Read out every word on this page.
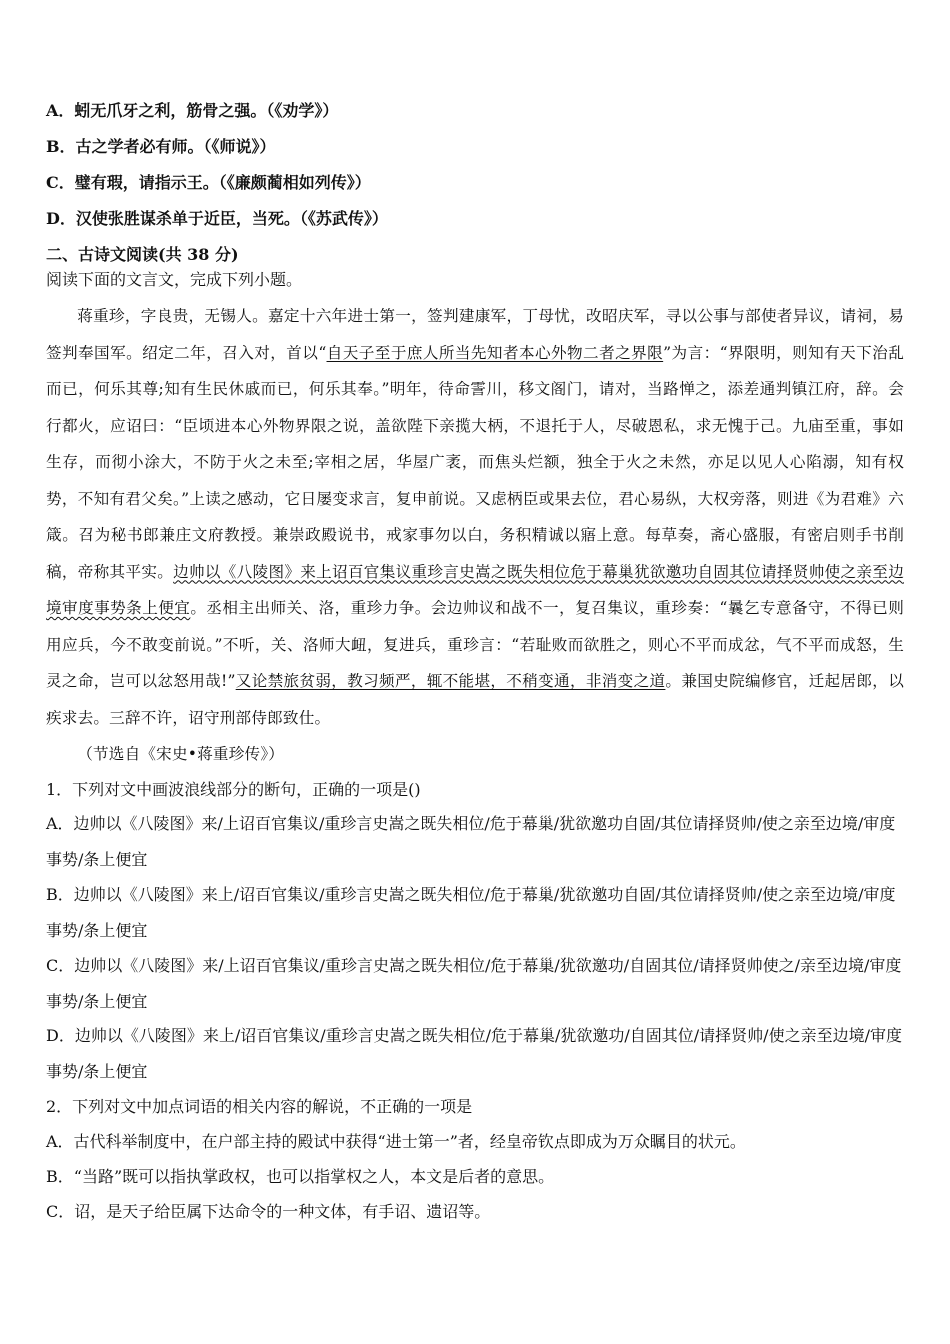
A．蚓无爪牙之利，筋骨之强。（《劝学》）
B．古之学者必有师。（《师说》）
C．璧有瑕，请指示王。（《廉颇蔺相如列传》）
D．汉使张胜谋杀单于近臣，当死。（《苏武传》）
二、古诗文阅读(共 38 分)
阅读下面的文言文，完成下列小题。

蒋重珍，字良贵，无锡人。嘉定十六年进士第一，签判建康军，丁母忧，改昭庆军，寻以公事与部使者异议，请祠，易签判奉国军。绍定二年，召入对，首以“自天子至于庶人所当先知者本心外物二者之界限”为言：“界限明，则知有天下治乱而已，何乐其尊;知有生民休戚而已，何乐其奉。”明年，待命霅川，移文阁门，请对，当路惮之，添差通判镇江府，辞。会行都火，应诏曰：“臣顷进本心外物界限之说，盖欲陛下亲揽大柄，不退托于人，尽破恩私，求无愧于己。九庙至重，事如生存，而彻小涂大，不防于火之未至;宰相之居，华屋广袤，而焦头烂额，独全于火之未然，亦足以见人心陷溺，知有权势，不知有君父矣。”上读之感动，它日屡变求言，复申前说。又虑柄臣或果去位，君心易纵，大权旁落，则进《为君难》六箴。召为秘书郎兼庄文府教授。兼崇政殿说书，戒家事勿以白，务积精诚以寤上意。每草奏，斋心盛服，有密启则手书削稿，帝称其平实。边帅以《八陵图》来上诏百官集议重珍言史嵩之既失相位危于幕巢犹欲邀功自固其位请择贤帅使之亲至边境审度事势条上便宜。丞相主出师关、洛，重珍力争。会边帅议和战不一，复召集议，重珍奏：“曩乞专意备守，不得已则用应兵，今不敢变前说。”不听，关、洛师大衄，复进兵，重珍言：“若耻败而欲胜之，则心不平而成忿，气不平而成怒，生灵之命，岂可以忿怒用哉!”又论禁旅贫弱，教习频严，辄不能堪，不稍变通，非消变之道。兼国史院编修官，迁起居郎，以疾求去。三辞不许，诏守刑部侍郎致仕。

（节选自《宋史•蒋重珍传》）

1．下列对文中画波浪线部分的断句，正确的一项是()
A．边帅以《八陵图》来/上诏百官集议/重珍言史嵩之既失相位/危于幕巢/犹欲邀功自固/其位请择贤帅/使之亲至边境/审度事势/条上便宜
B．边帅以《八陵图》来上/诏百官集议/重珍言史嵩之既失相位/危于幕巢/犹欲邀功自固/其位请择贤帅/使之亲至边境/审度事势/条上便宜
C．边帅以《八陵图》来/上诏百官集议/重珍言史嵩之既失相位/危于幕巢/犹欲邀功/自固其位/请择贤帅使之/亲至边境/审度事势/条上便宜
D．边帅以《八陵图》来上/诏百官集议/重珍言史嵩之既失相位/危于幕巢/犹欲邀功/自固其位/请择贤帅/使之亲至边境/审度事势/条上便宜
2．下列对文中加点词语的相关内容的解说，不正确的一项是
A．古代科举制度中，在户部主持的殿试中获得“进士第一”者，经皇帝钦点即成为万众瞩目的状元。
B．“当路”既可以指执掌政权，也可以指掌权之人，本文是后者的意思。
C．诏，是天子给臣属下达命令的一种文体，有手诏、遗诏等。
